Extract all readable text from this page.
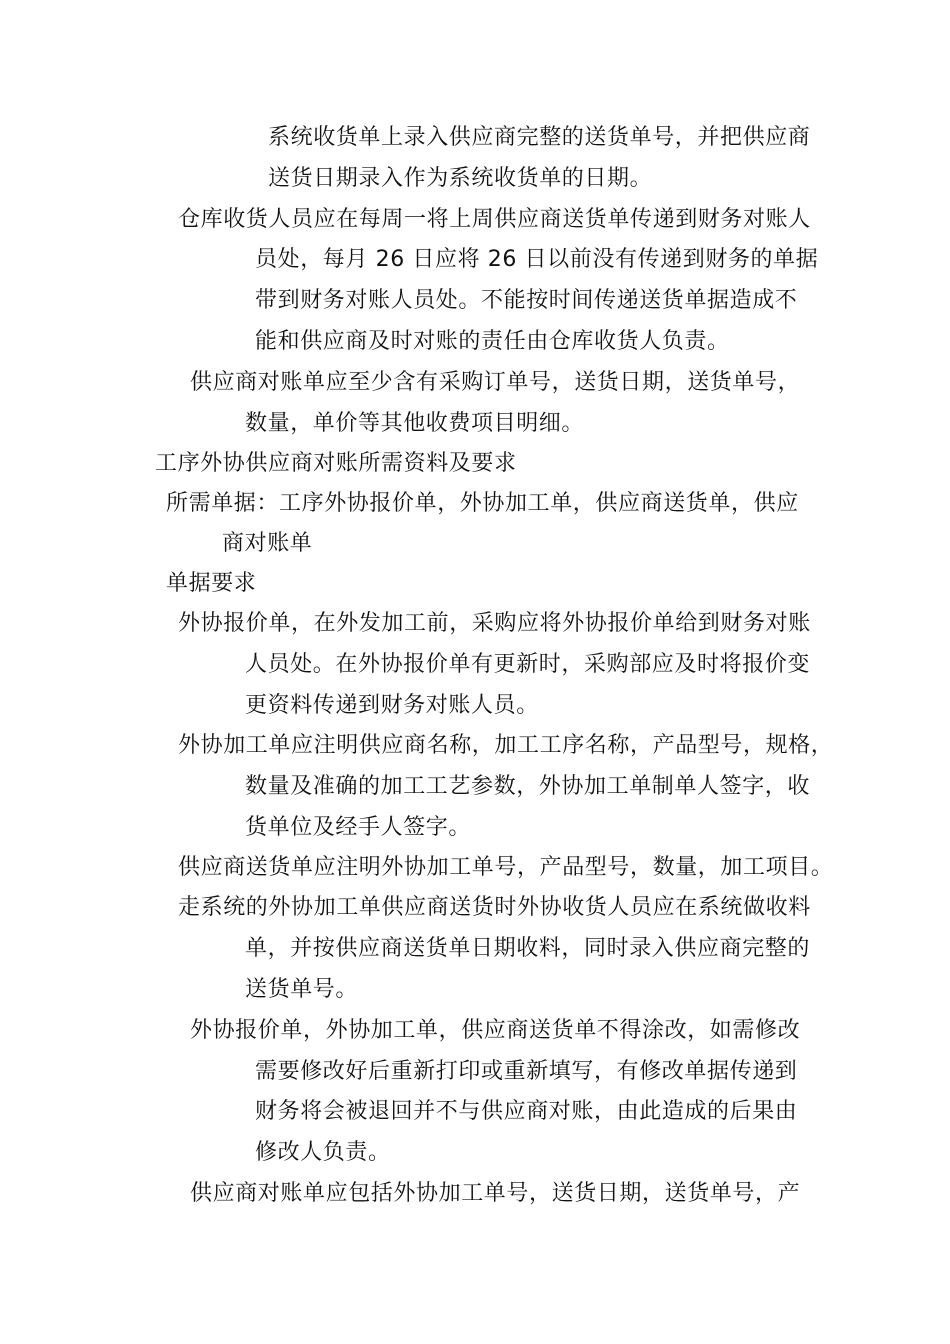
系统收货单上录入供应商完整的送货单号，并把供应商
送货日期录入作为系统收货单的日期。
仓库收货人员应在每周一将上周供应商送货单传递到财务对账人
员处，每月 26 日应将 26 日以前没有传递到财务的单据
带到财务对账人员处。不能按时间传递送货单据造成不
能和供应商及时对账的责任由仓库收货人负责。
供应商对账单应至少含有采购订单号，送货日期，送货单号，
数量，单价等其他收费项目明细。
工序外协供应商对账所需资料及要求
所需单据：工序外协报价单，外协加工单，供应商送货单，供应
商对账单
单据要求
外协报价单，在外发加工前，采购应将外协报价单给到财务对账
人员处。在外协报价单有更新时，采购部应及时将报价变
更资料传递到财务对账人员。
外协加工单应注明供应商名称，加工工序名称，产品型号，规格，
数量及准确的加工工艺参数，外协加工单制单人签字，收
货单位及经手人签字。
供应商送货单应注明外协加工单号，产品型号，数量，加工项目。
走系统的外协加工单供应商送货时外协收货人员应在系统做收料
单，并按供应商送货单日期收料，同时录入供应商完整的
送货单号。
外协报价单，外协加工单，供应商送货单不得涂改，如需修改
需要修改好后重新打印或重新填写，有修改单据传递到
财务将会被退回并不与供应商对账，由此造成的后果由
修改人负责。
供应商对账单应包括外协加工单号，送货日期，送货单号，产
